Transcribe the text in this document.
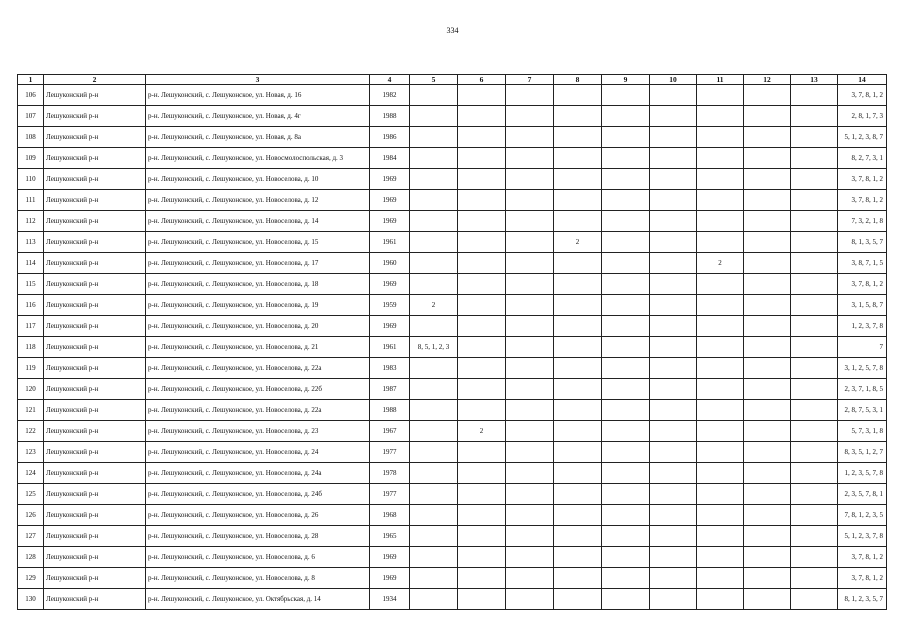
334
1	2	3	4	5	6	7	8	9	10	11	12	13	14
106	Лешуконский р-н	р-н. Лешуконский, с. Лешуконское, ул. Новая, д. 16	1982										3, 7, 8, 1, 2
107	Лешуконский р-н	р-н. Лешуконский, с. Лешуконское, ул. Новая, д. 4г	1988										2, 8, 1, 7, 3
108	Лешуконский р-н	р-н. Лешуконский, с. Лешуконское, ул. Новая, д. 8а	1986										5, 1, 2, 3, 8, 7
109	Лешуконский р-н	р-н. Лешуконский, с. Лешуконское, ул. Новосмолоспольская, д. 3	1984										8, 2, 7, 3, 1
110	Лешуконский р-н	р-н. Лешуконский, с. Лешуконское, ул. Новоселова, д. 10	1969										3, 7, 8, 1, 2
111	Лешуконский р-н	р-н. Лешуконский, с. Лешуконское, ул. Новоселова, д. 12	1969										3, 7, 8, 1, 2
112	Лешуконский р-н	р-н. Лешуконский, с. Лешуконское, ул. Новоселова, д. 14	1969										7, 3, 2, 1, 8
113	Лешуконский р-н	р-н. Лешуконский, с. Лешуконское, ул. Новоселова, д. 15	1961				2						8, 1, 3, 5, 7
114	Лешуконский р-н	р-н. Лешуконский, с. Лешуконское, ул. Новоселова, д. 17	1960							2			3, 8, 7, 1, 5
115	Лешуконский р-н	р-н. Лешуконский, с. Лешуконское, ул. Новоселова, д. 18	1969										3, 7, 8, 1, 2
116	Лешуконский р-н	р-н. Лешуконский, с. Лешуконское, ул. Новоселова, д. 19	1959	2									3, 1, 5, 8, 7
117	Лешуконский р-н	р-н. Лешуконский, с. Лешуконское, ул. Новоселова, д. 20	1969										1, 2, 3, 7, 8
118	Лешуконский р-н	р-н. Лешуконский, с. Лешуконское, ул. Новоселова, д. 21	1961	8, 5, 1, 2, 3									7
119	Лешуконский р-н	р-н. Лешуконский, с. Лешуконское, ул. Новоселова, д. 22а	1983										3, 1, 2, 5, 7, 8
120	Лешуконский р-н	р-н. Лешуконский, с. Лешуконское, ул. Новоселова, д. 22б	1987										2, 3, 7, 1, 8, 5
121	Лешуконский р-н	р-н. Лешуконский, с. Лешуконское, ул. Новоселова, д. 22а	1988										2, 8, 7, 5, 3, 1
122	Лешуконский р-н	р-н. Лешуконский, с. Лешуконское, ул. Новоселова, д. 23	1967		2								5, 7, 3, 1, 8
123	Лешуконский р-н	р-н. Лешуконский, с. Лешуконское, ул. Новоселова, д. 24	1977										8, 3, 5, 1, 2, 7
124	Лешуконский р-н	р-н. Лешуконский, с. Лешуконское, ул. Новоселова, д. 24а	1978										1, 2, 3, 5, 7, 8
125	Лешуконский р-н	р-н. Лешуконский, с. Лешуконское, ул. Новоселова, д. 24б	1977										2, 3, 5, 7, 8, 1
126	Лешуконский р-н	р-н. Лешуконский, с. Лешуконское, ул. Новоселова, д. 26	1968										7, 8, 1, 2, 3, 5
127	Лешуконский р-н	р-н. Лешуконский, с. Лешуконское, ул. Новоселова, д. 28	1965										5, 1, 2, 3, 7, 8
128	Лешуконский р-н	р-н. Лешуконский, с. Лешуконское, ул. Новоселова, д. 6	1969										3, 7, 8, 1, 2
129	Лешуконский р-н	р-н. Лешуконский, с. Лешуконское, ул. Новоселова, д. 8	1969										3, 7, 8, 1, 2
130	Лешуконский р-н	р-н. Лешуконский, с. Лешуконское, ул. Октябрьская, д. 14	1934										8, 1, 2, 3, 5, 7
